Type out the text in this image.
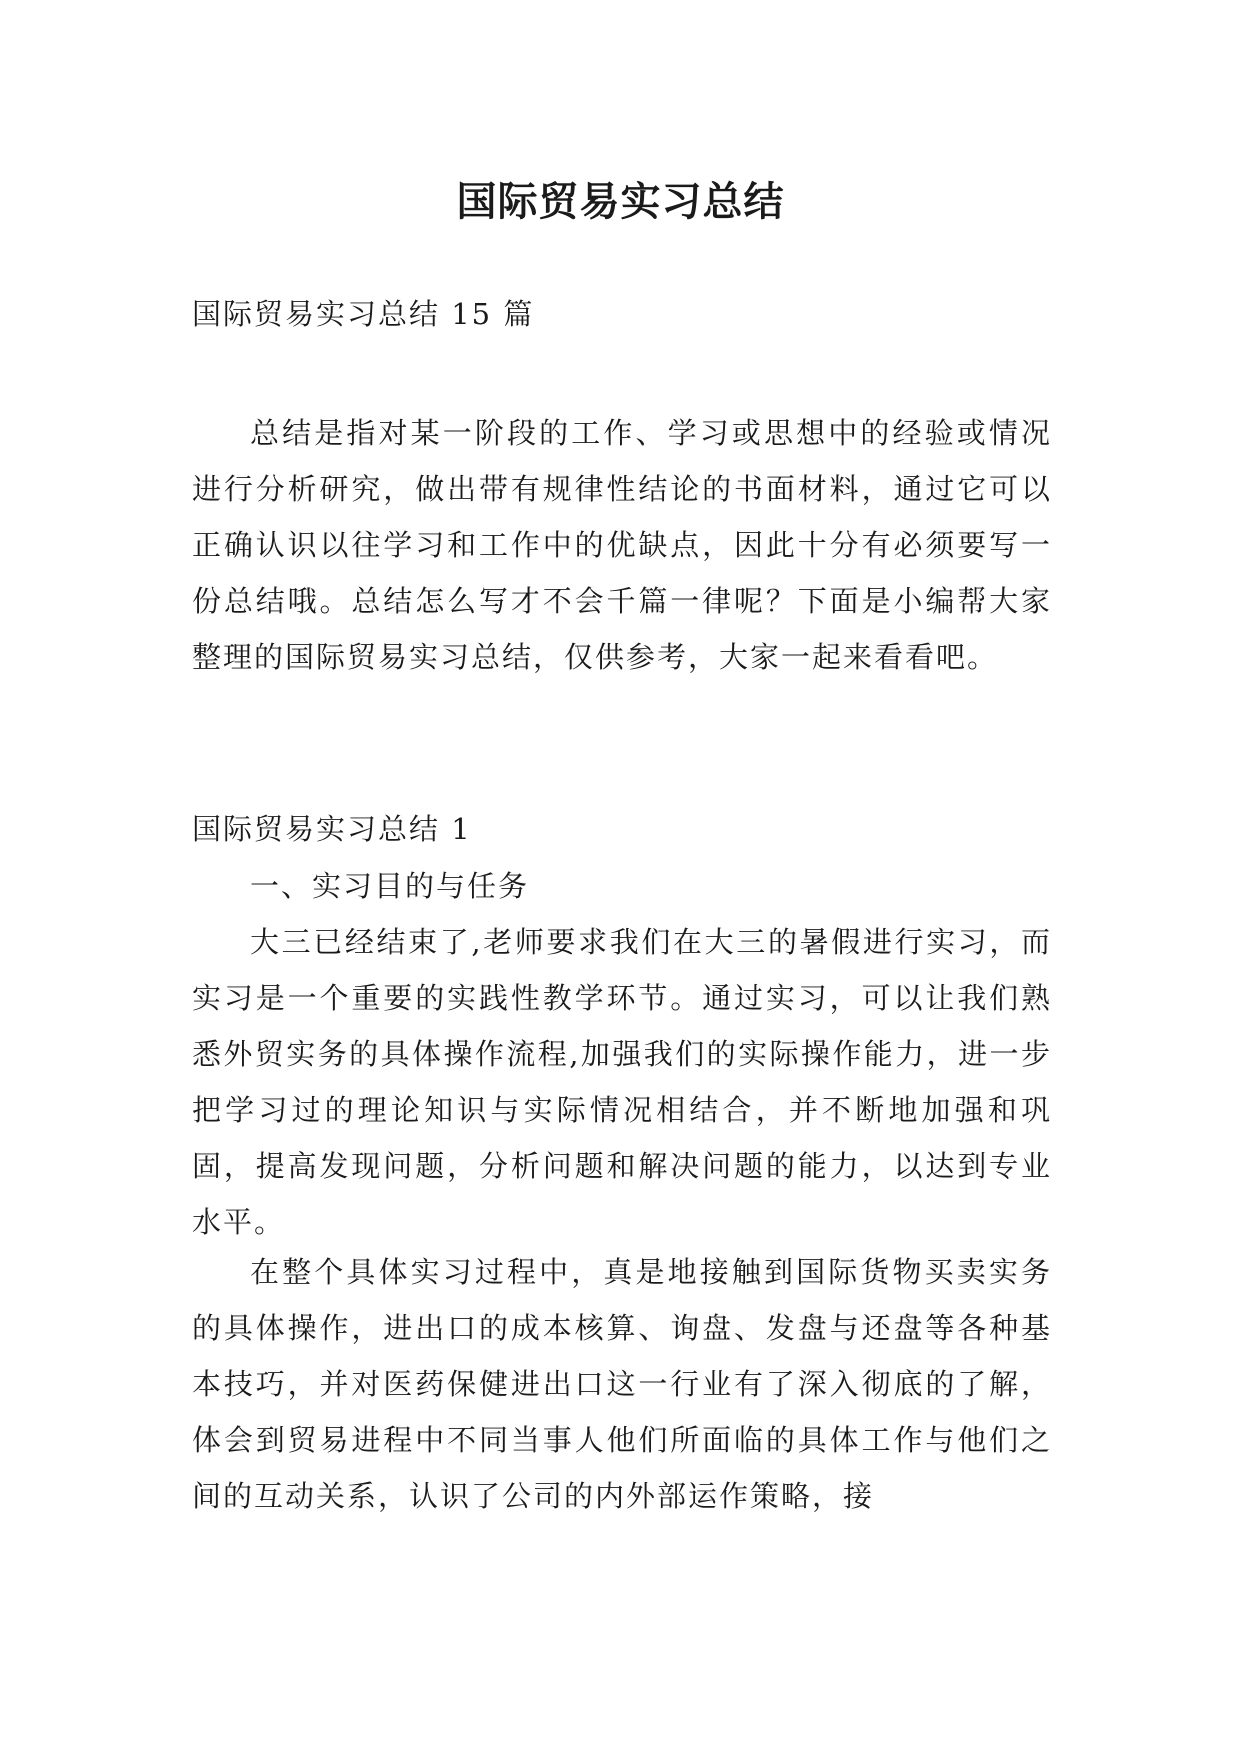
国际贸易实习总结

国际贸易实习总结 15 篇

总结是指对某一阶段的工作、学习或思想中的经验或情况进行分析研究，做出带有规律性结论的书面材料，通过它可以正确认识以往学习和工作中的优缺点，因此十分有必须要写一份总结哦。总结怎么写才不会千篇一律呢？下面是小编帮大家整理的国际贸易实习总结，仅供参考，大家一起来看看吧。

国际贸易实习总结 1

一、实习目的与任务

大三已经结束了,老师要求我们在大三的暑假进行实习，而实习是一个重要的实践性教学环节。通过实习，可以让我们熟悉外贸实务的具体操作流程,加强我们的实际操作能力，进一步把学习过的理论知识与实际情况相结合，并不断地加强和巩固，提高发现问题，分析问题和解决问题的能力，以达到专业水平。

在整个具体实习过程中，真是地接触到国际货物买卖实务的具体操作，进出口的成本核算、询盘、发盘与还盘等各种基本技巧，并对医药保健进出口这一行业有了深入彻底的了解，体会到贸易进程中不同当事人他们所面临的具体工作与他们之间的互动关系，认识了公司的内外部运作策略，接
